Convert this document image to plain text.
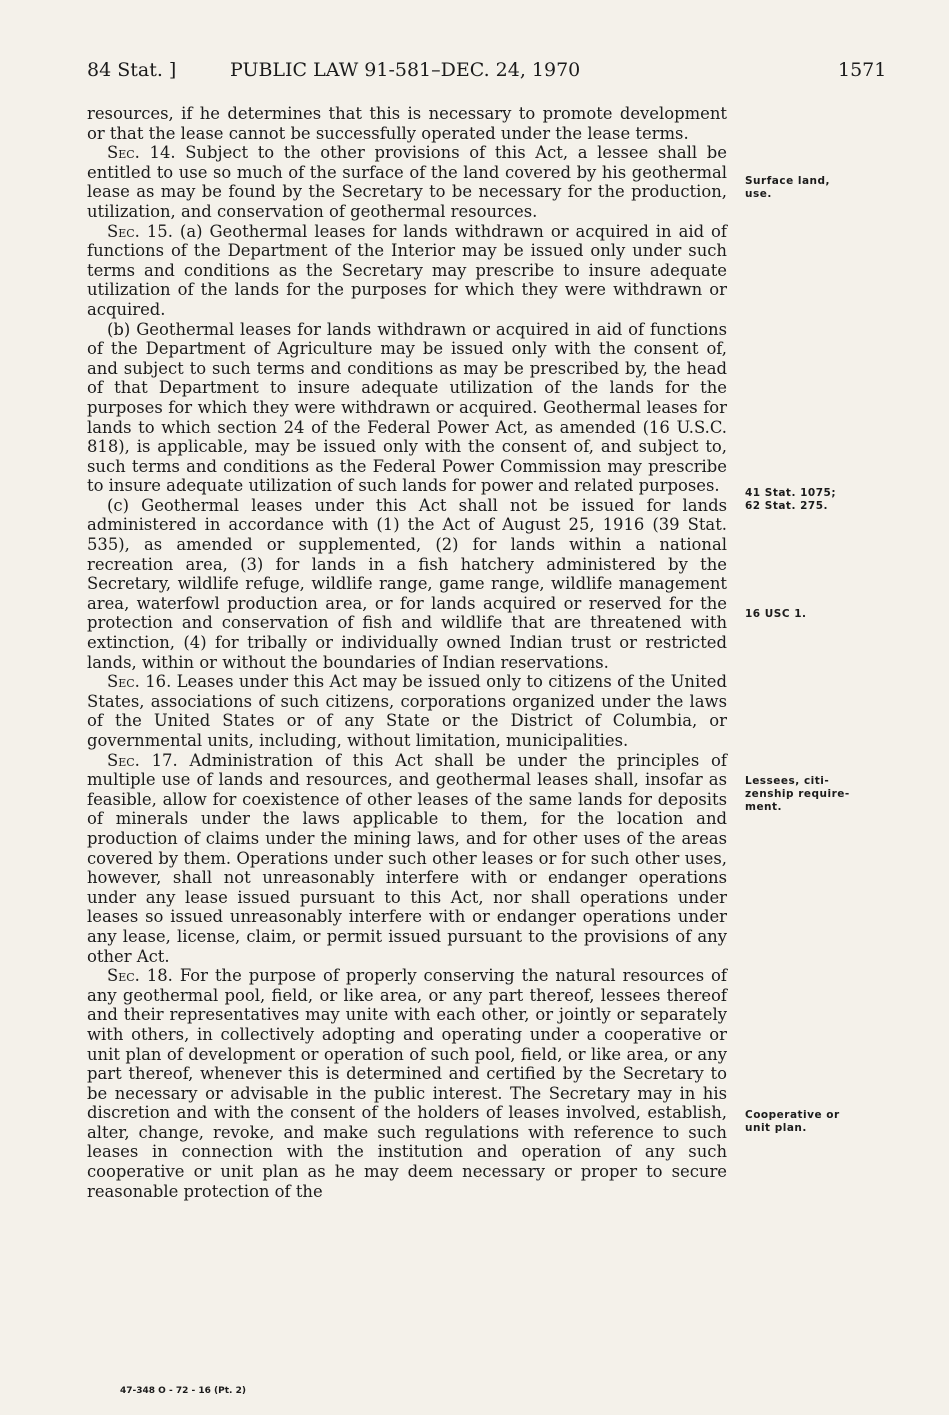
84 Stat. ]	PUBLIC LAW 91-581–DEC. 24, 1970	1571

resources, if he determines that this is necessary to promote development or that the lease cannot be successfully operated under the lease terms.

Sec. 14. Subject to the other provisions of this Act, a lessee shall be entitled to use so much of the surface of the land covered by his geothermal lease as may be found by the Secretary to be necessary for the production, utilization, and conservation of geothermal resources.

Sec. 15. (a) Geothermal leases for lands withdrawn or acquired in aid of functions of the Department of the Interior may be issued only under such terms and conditions as the Secretary may prescribe to insure adequate utilization of the lands for the purposes for which they were withdrawn or acquired.

(b) Geothermal leases for lands withdrawn or acquired in aid of functions of the Department of Agriculture may be issued only with the consent of, and subject to such terms and conditions as may be prescribed by, the head of that Department to insure adequate utilization of the lands for the purposes for which they were withdrawn or acquired. Geothermal leases for lands to which section 24 of the Federal Power Act, as amended (16 U.S.C. 818), is applicable, may be issued only with the consent of, and subject to, such terms and conditions as the Federal Power Commission may prescribe to insure adequate utilization of such lands for power and related purposes.

(c) Geothermal leases under this Act shall not be issued for lands administered in accordance with (1) the Act of August 25, 1916 (39 Stat. 535), as amended or supplemented, (2) for lands within a national recreation area, (3) for lands in a fish hatchery administered by the Secretary, wildlife refuge, wildlife range, game range, wildlife management area, waterfowl production area, or for lands acquired or reserved for the protection and conservation of fish and wildlife that are threatened with extinction, (4) for tribally or individually owned Indian trust or restricted lands, within or without the boundaries of Indian reservations.

Sec. 16. Leases under this Act may be issued only to citizens of the United States, associations of such citizens, corporations organized under the laws of the United States or of any State or the District of Columbia, or governmental units, including, without limitation, municipalities.

Sec. 17. Administration of this Act shall be under the principles of multiple use of lands and resources, and geothermal leases shall, insofar as feasible, allow for coexistence of other leases of the same lands for deposits of minerals under the laws applicable to them, for the location and production of claims under the mining laws, and for other uses of the areas covered by them. Operations under such other leases or for such other uses, however, shall not unreasonably interfere with or endanger operations under any lease issued pursuant to this Act, nor shall operations under leases so issued unreasonably interfere with or endanger operations under any lease, license, claim, or permit issued pursuant to the provisions of any other Act.

Sec. 18. For the purpose of properly conserving the natural resources of any geothermal pool, field, or like area, or any part thereof, lessees thereof and their representatives may unite with each other, or jointly or separately with others, in collectively adopting and operating under a cooperative or unit plan of development or operation of such pool, field, or like area, or any part thereof, whenever this is determined and certified by the Secretary to be necessary or advisable in the public interest. The Secretary may in his discretion and with the consent of the holders of leases involved, establish, alter, change, revoke, and make such regulations with reference to such leases in connection with the institution and operation of any such cooperative or unit plan as he may deem necessary or proper to secure reasonable protection of the

Surface land,
use.
41 Stat. 1075;
62 Stat. 275.
16 USC 1.
Lessees, citi-
zenship require-
ment.
Cooperative or
unit plan.
47-348 O - 72 - 16 (Pt. 2)
